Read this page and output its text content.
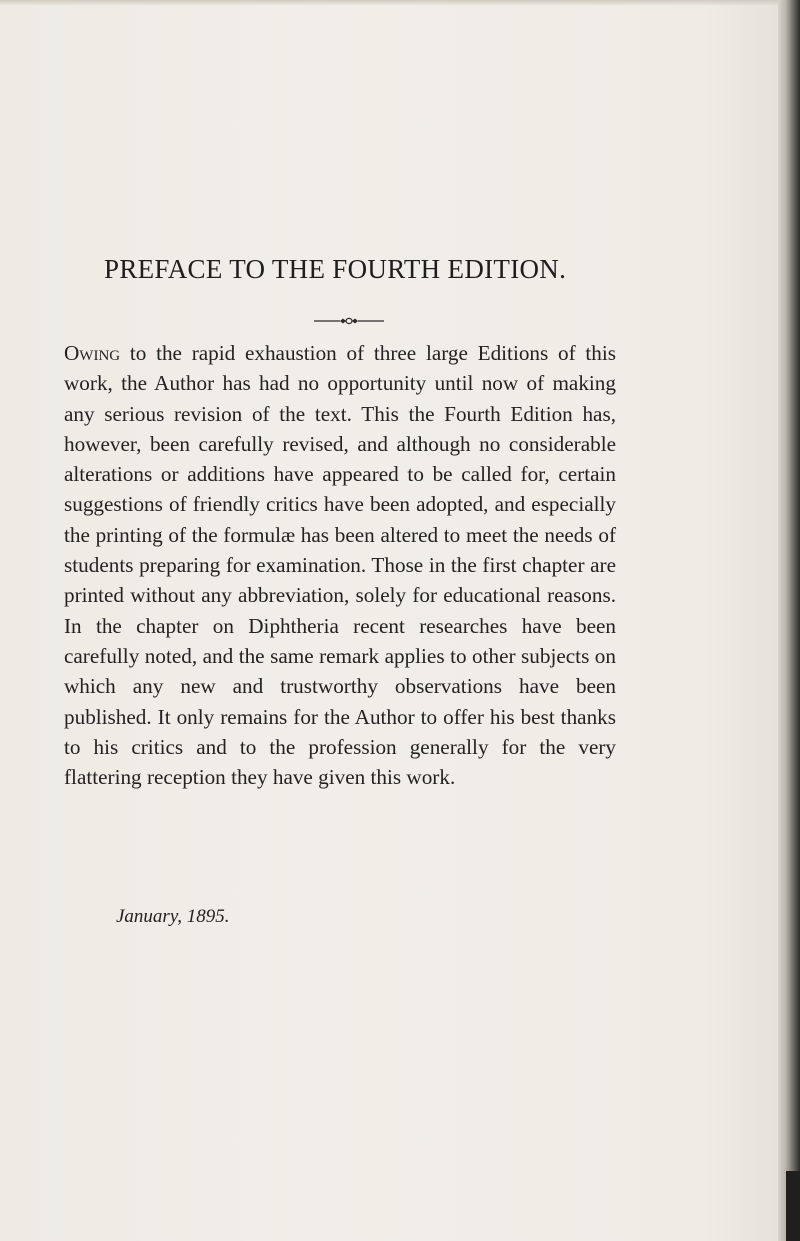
PREFACE TO THE FOURTH EDITION.

Owing to the rapid exhaustion of three large Editions of this work, the Author has had no opportunity until now of making any serious revision of the text. This the Fourth Edition has, however, been carefully revised, and although no considerable alterations or additions have appeared to be called for, certain suggestions of friendly critics have been adopted, and especially the printing of the formulæ has been altered to meet the needs of students preparing for examination. Those in the first chapter are printed without any abbreviation, solely for educational reasons. In the chapter on Diphtheria recent researches have been carefully noted, and the same remark applies to other subjects on which any new and trustworthy observations have been published. It only remains for the Author to offer his best thanks to his critics and to the profession generally for the very flattering reception they have given this work.

January, 1895.
